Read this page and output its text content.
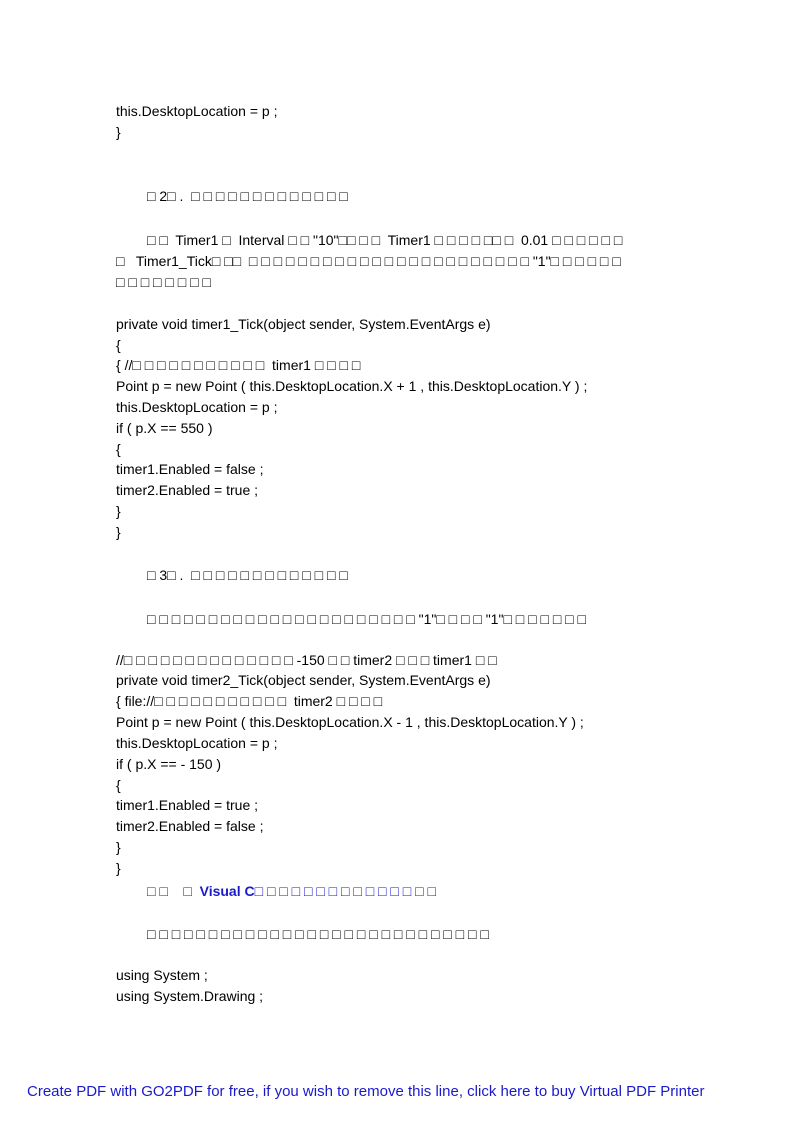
this.DesktopLocation = p ;
}
□ 2□ .  □ □ □ □ □ □ □ □ □ □ □ □ □
□ □  Timer1 □  Interval □ □ "10"□□ □ □  Timer1 □ □ □ □ □□ □  0.01 □ □ □ □ □ □
□   Timer1_Tick□ □□  □ □ □ □ □ □ □ □ □ □ □ □ □ □ □ □ □ □ □ □ □ □ □ "1"□ □ □ □ □ □
□ □ □ □ □ □ □ □
private void timer1_Tick(object sender, System.EventArgs e)
{
{ //□ □ □ □ □ □ □ □ □ □ □  timer1 □ □ □ □
Point p = new Point ( this.DesktopLocation.X + 1 , this.DesktopLocation.Y ) ;
this.DesktopLocation = p ;
if ( p.X == 550 )
{
timer1.Enabled = false ;
timer2.Enabled = true ;
}
}
□ 3□ .  □ □ □ □ □ □ □ □ □ □ □ □ □
□ □ □ □ □ □ □ □ □ □ □ □ □ □ □ □ □ □ □ □ □ □ "1"□ □ □ □ "1"□ □ □ □ □ □ □
//□ □ □ □ □ □ □ □ □ □ □ □ □ □ -150 □ □ timer2 □ □ □ timer1 □ □
private void timer2_Tick(object sender, System.EventArgs e)
{ file://□ □ □ □ □ □ □ □ □ □ □  timer2 □ □ □ □
Point p = new Point ( this.DesktopLocation.X - 1 , this.DesktopLocation.Y ) ;
this.DesktopLocation = p ;
if ( p.X == - 150 )
{
timer1.Enabled = true ;
timer2.Enabled = false ;
}
}
□ □    □  Visual C□ □ □ □ □ □ □ □ □ □ □ □ □ □ □
□ □ □ □ □ □ □ □ □ □ □ □ □ □ □ □ □ □ □ □ □ □ □ □ □ □ □ □
using System ;
using System.Drawing ;
Create PDF with GO2PDF for free, if you wish to remove this line, click here to buy Virtual PDF Printer
